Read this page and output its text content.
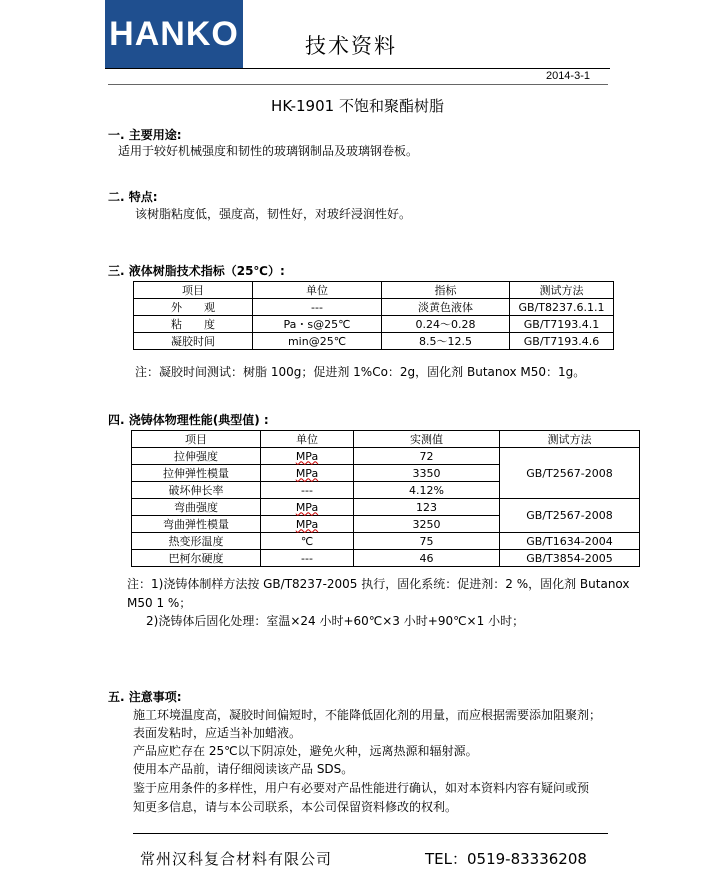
HANKO	技术资料
2014-3-1
HK-1901 不饱和聚酯树脂
一. 主要用途:
适用于较好机械强度和韧性的玻璃钢制品及玻璃钢卷板。
二. 特点:
该树脂粘度低，强度高，韧性好，对玻纤浸润性好。
三. 液体树脂技术指标（25℃）:
项目	单位	指标	测试方法
外　　观	---	淡黄色液体	GB/T8237.6.1.1
粘　　度	Pa・s@25℃	0.24～0.28	GB/T7193.4.1
凝胶时间	min@25℃	8.5～12.5	GB/T7193.4.6
注：凝胶时间测试：树脂 100g；促进剂 1%Co：2g，固化剂 Butanox M50：1g。
四. 浇铸体物理性能(典型值) :
项目	单位	实测值	测试方法
拉伸强度	MPa	72	GB/T2567-2008
拉伸弹性模量	MPa	3350	
破坏伸长率	---	4.12%	
弯曲强度	MPa	123	GB/T2567-2008
弯曲弹性模量	MPa	3250	
热变形温度	℃	75	GB/T1634-2004
巴柯尔硬度	---	46	GB/T3854-2005
注：1)浇铸体制样方法按 GB/T8237-2005 执行，固化系统：促进剂：2 %，固化剂 Butanox
M50 1 %；
2)浇铸体后固化处理：室温×24 小时+60℃×3 小时+90℃×1 小时；
五. 注意事项:
施工环境温度高，凝胶时间偏短时，不能降低固化剂的用量，而应根据需要添加阻聚剂；
表面发粘时，应适当补加蜡液。
产品应贮存在 25℃以下阴凉处，避免火种，远离热源和辐射源。
使用本产品前，请仔细阅读该产品 SDS。
鉴于应用条件的多样性，用户有必要对产品性能进行确认，如对本资料内容有疑问或预
知更多信息，请与本公司联系，本公司保留资料修改的权利。
常州汉科复合材料有限公司	TEL：0519-83336208
